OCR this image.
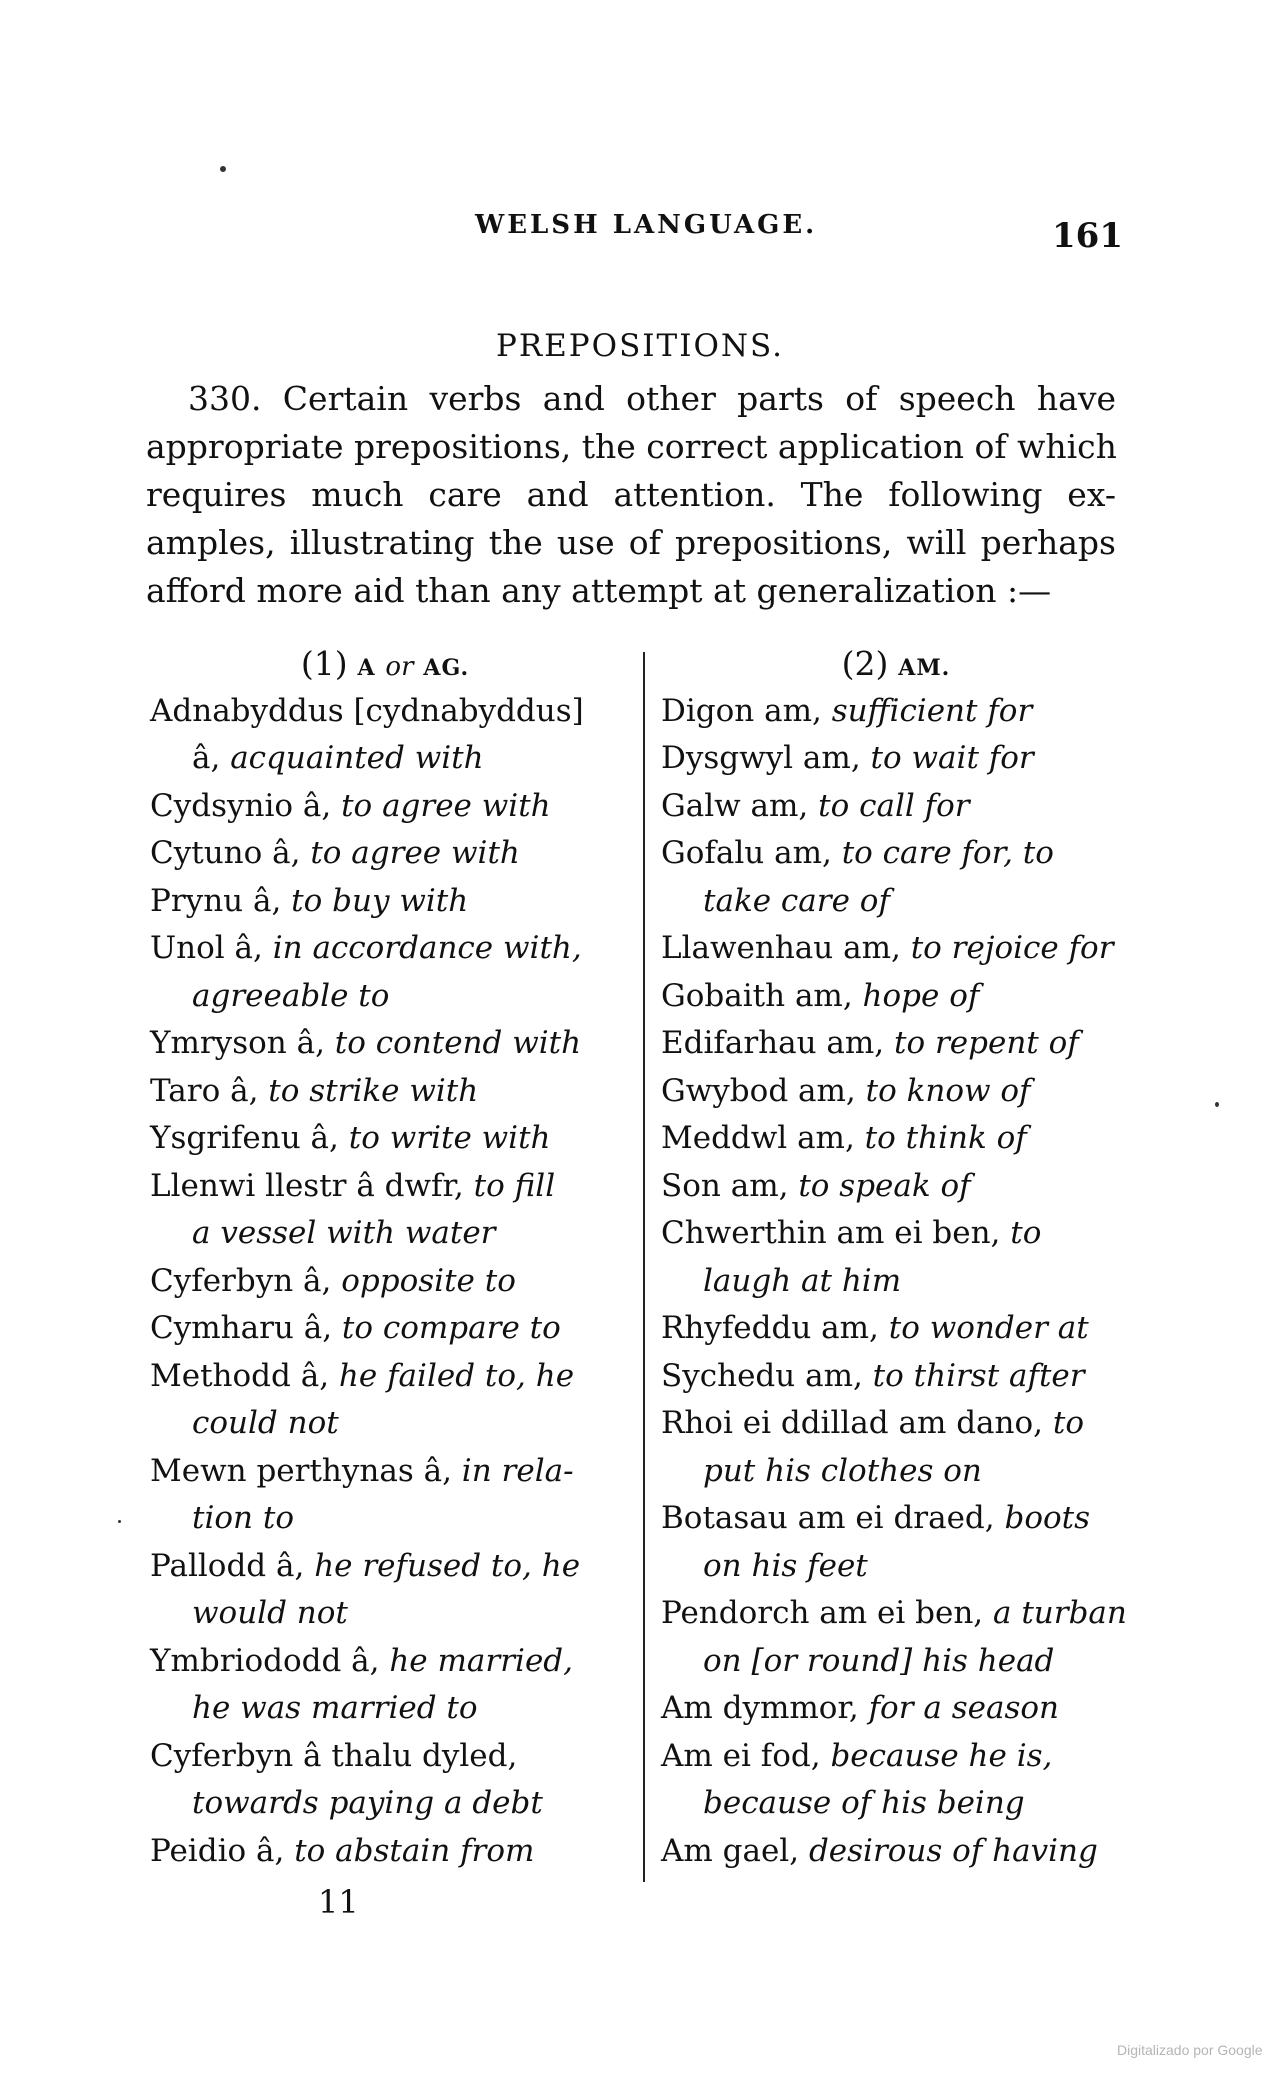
WELSH LANGUAGE.	161
PREPOSITIONS.
330. Certain verbs and other parts of speech have
appropriate prepositions, the correct application of which
requires much care and attention. The following ex-
amples, illustrating the use of prepositions, will perhaps
afford more aid than any attempt at generalization :—
(1) A or AG.
Adnabyddus [cydnabyddus]
â, acquainted with
Cydsynio â, to agree with
Cytuno â, to agree with
Prynu â, to buy with
Unol â, in accordance with,
agreeable to
Ymryson â, to contend with
Taro â, to strike with
Ysgrifenu â, to write with
Llenwi llestr â dwfr, to fill
a vessel with water
Cyferbyn â, opposite to
Cymharu â, to compare to
Methodd â, he failed to, he
could not
Mewn perthynas â, in rela-
tion to
Pallodd â, he refused to, he
would not
Ymbriododd â, he married,
he was married to
Cyferbyn â thalu dyled,
towards paying a debt
Peidio â, to abstain from
(2) AM.
Digon am, sufficient for
Dysgwyl am, to wait for
Galw am, to call for
Gofalu am, to care for, to
take care of
Llawenhau am, to rejoice for
Gobaith am, hope of
Edifarhau am, to repent of
Gwybod am, to know of
Meddwl am, to think of
Son am, to speak of
Chwerthin am ei ben, to
laugh at him
Rhyfeddu am, to wonder at
Sychedu am, to thirst after
Rhoi ei ddillad am dano, to
put his clothes on
Botasau am ei draed, boots
on his feet
Pendorch am ei ben, a turban
on [or round] his head
Am dymmor, for a season
Am ei fod, because he is,
because of his being
Am gael, desirous of having
11
Digitalizado por Google
